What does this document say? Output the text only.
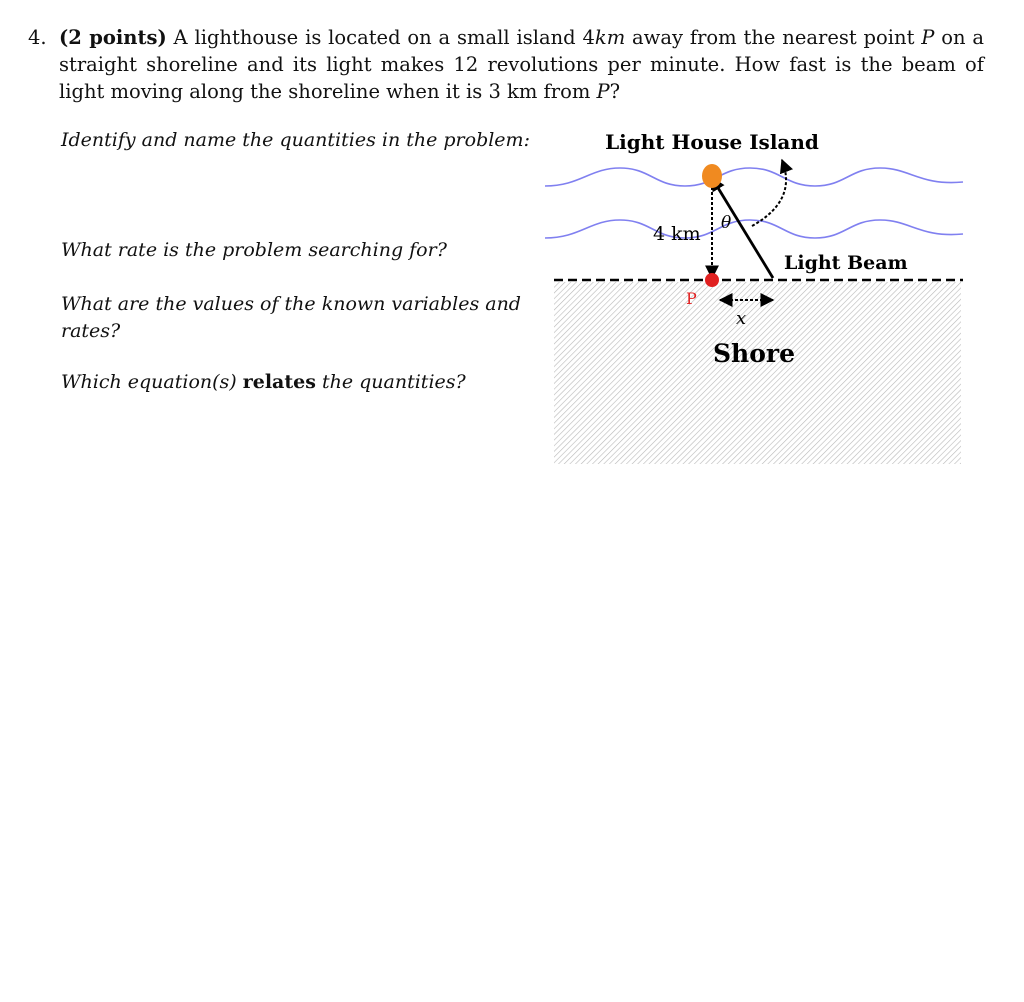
4. (2 points) A lighthouse is located on a small island 4km away from the nearest point P on a straight shoreline and its light makes 12 revolutions per minute. How fast is the beam of light moving along the shoreline when it is 3 km from P?
Identify and name the quantities in the problem:
What rate is the problem searching for?
What are the values of the known variables and rates?
Which equation(s) relates the quantities?
Light House Island
4 km θ
Light Beam
P
x
Shore
